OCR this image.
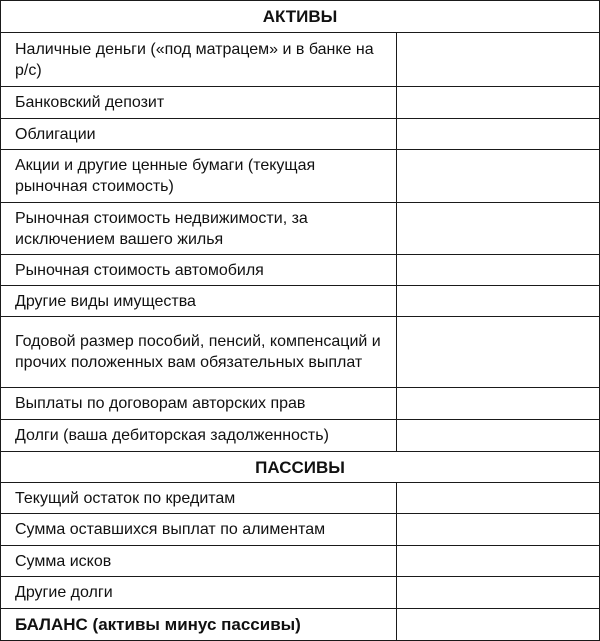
АКТИВЫ	
Наличные деньги («под матрацем» и в банке на р/с)	
Банковский депозит	
Облигации	
Акции и другие ценные бумаги (текущая рыночная стоимость)	
Рыночная стоимость недвижимости, за исключением вашего жилья	
Рыночная стоимость автомобиля	
Другие виды имущества	
Годовой размер пособий, пенсий, компенсаций и прочих положенных вам обязательных выплат	
Выплаты по договорам авторских прав	
Долги (ваша дебиторская задолженность)	
ПАССИВЫ	
Текущий остаток по кредитам	
Сумма оставшихся выплат по алиментам	
Сумма исков	
Другие долги	
БАЛАНС (активы минус пассивы)	
